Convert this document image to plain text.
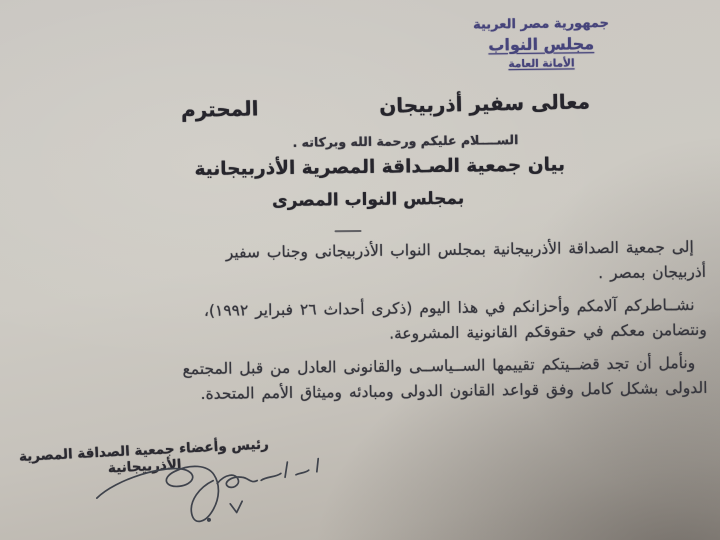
جمهورية مصر العربية
مجلس النواب
الأمانة العامة
معالى سفير أذربيجان
المحترم
الســــلام عليكم ورحمة الله وبركاته .
بيان جمعية الصـداقة المصرية الأذربيجانية
بمجلس النواب المصرى

إلى جمعية الصداقة الأذربيجانية بمجلس النواب الأذربيجانى وجناب سفير
أذربيجان بمصر .

نشــاطركم آلامكم وأحزانكم في هذا اليوم (ذكرى أحداث ٢٦ فبراير ١٩٩٢)،
ونتضامن معكم في حقوقكم القانونية المشروعة.

ونأمل أن تجد قضــيتكم تقييمها الســياســى والقانونى العادل من قبل المجتمع
الدولى بشكل كامل وفق قواعد القانون الدولى ومبادئه وميثاق الأمم المتحدة.

رئيس وأعضاء جمعية الصداقة المصرية الأذربيجانية
